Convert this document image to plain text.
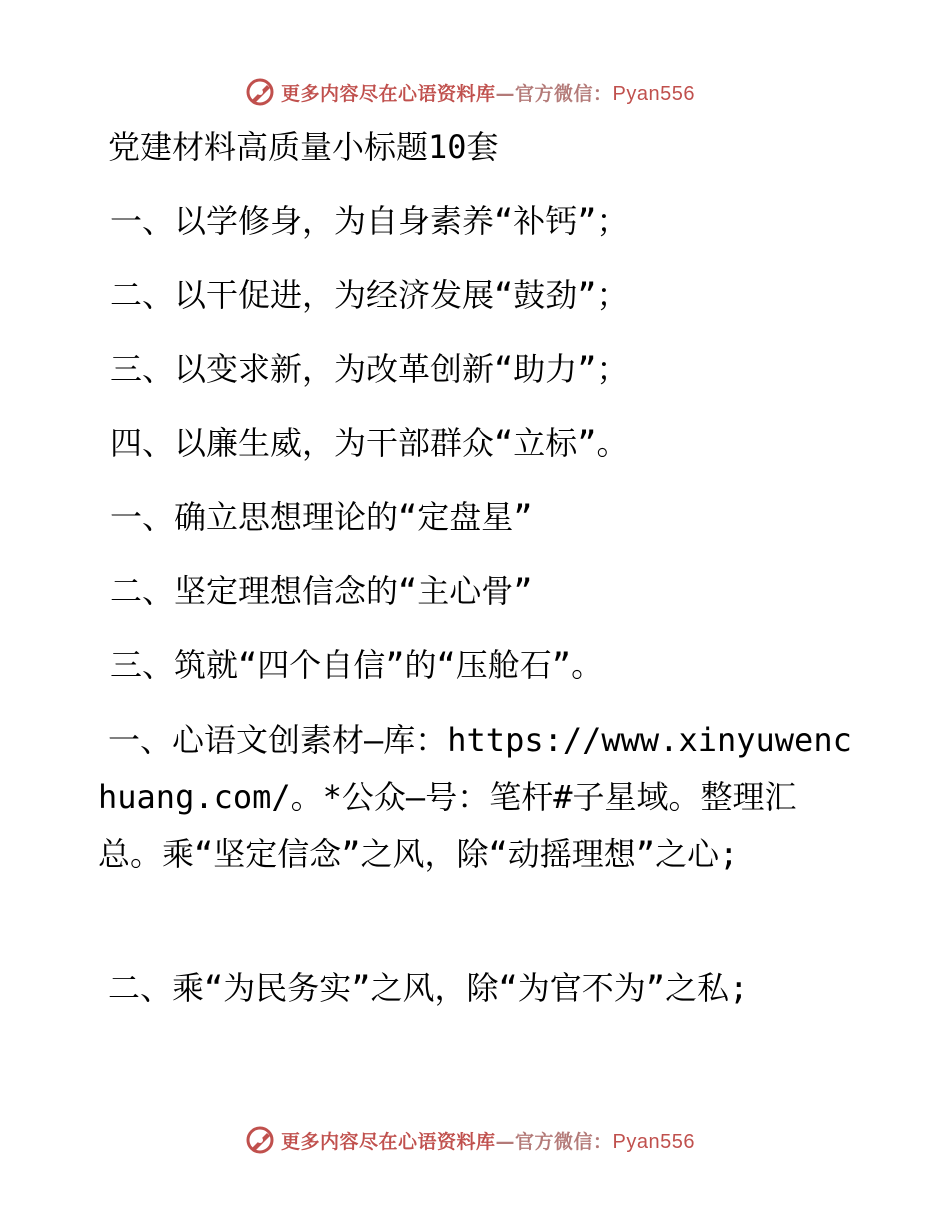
更多内容尽在心语资料库—官方微信：Pyan556
党建材料高质量小标题10套
一、以学修身，为自身素养“补钙”；
二、以干促进，为经济发展“鼓劲”；
三、以变求新，为改革创新“助力”；
四、以廉生威，为干部群众“立标”。
一、确立思想理论的“定盘星”
二、坚定理想信念的“主心骨”
三、筑就“四个自信”的“压舱石”。
一、心语文创素材—库：https://www.xinyuwenchuang.com/。*公众—号：笔杆#子星域。整理汇总。乘“坚定信念”之风，除“动摇理想”之心;
二、乘“为民务实”之风，除“为官不为”之私;
更多内容尽在心语资料库—官方微信：Pyan556
